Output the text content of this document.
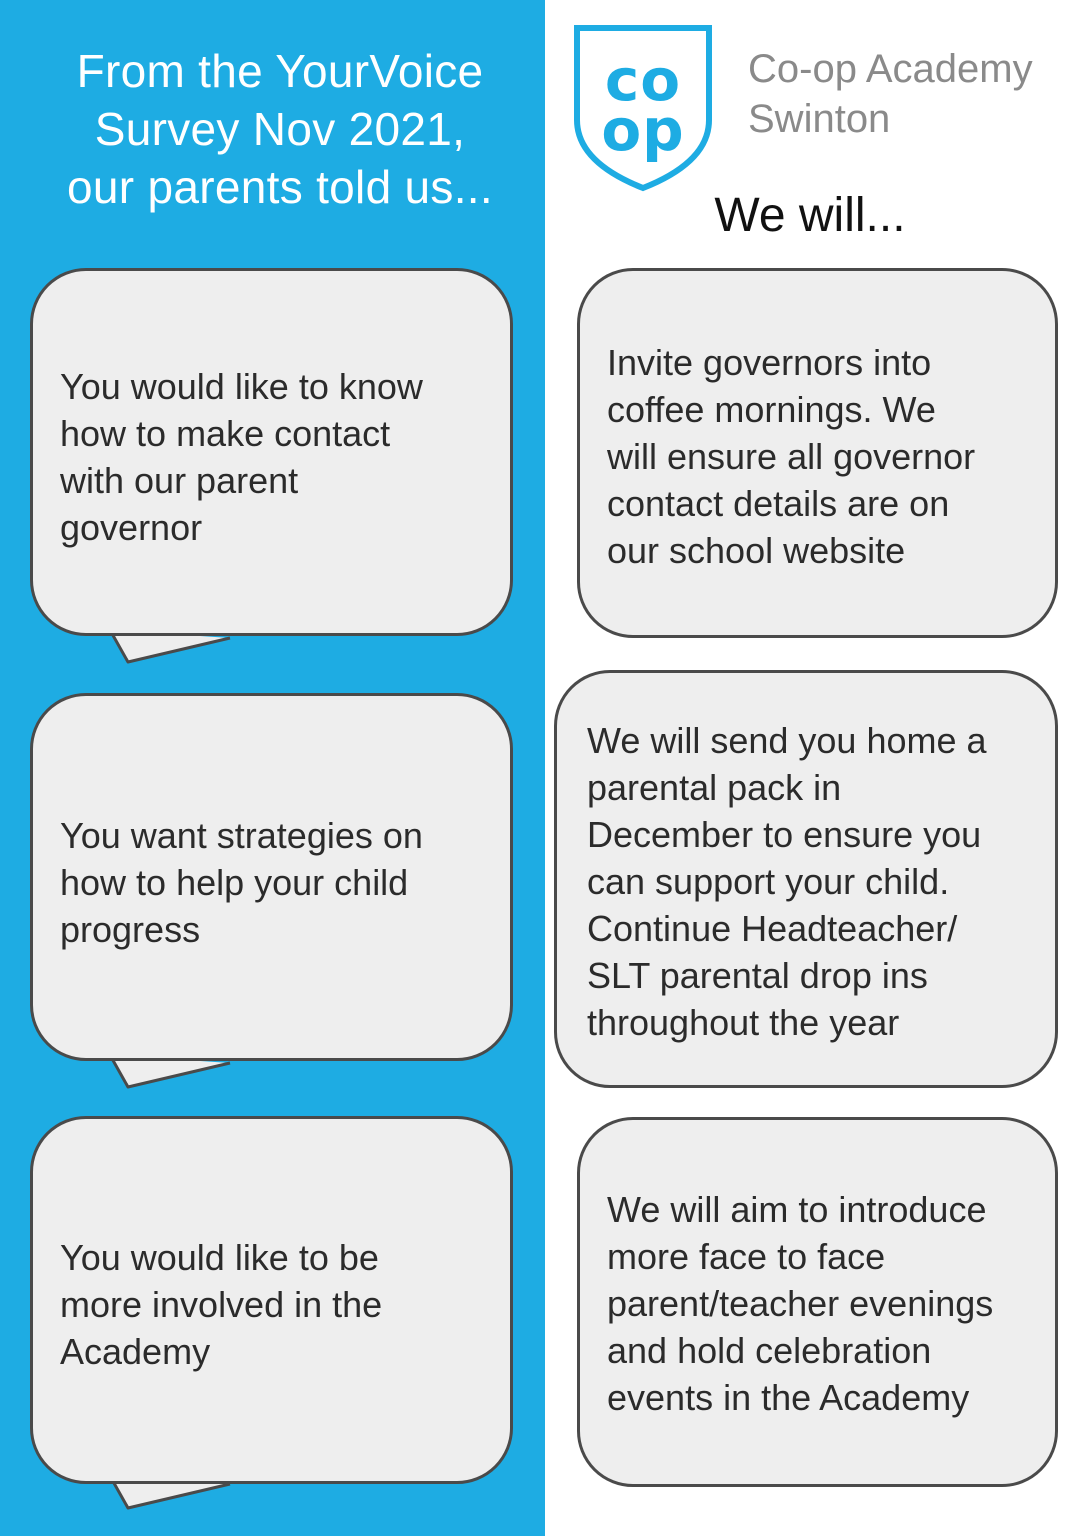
From the YourVoice
Survey Nov 2021,
our parents told us...
co
op
Co-op Academy
Swinton
We will...
You would like to know
how to make contact
with our parent
governor
You want strategies on
how to help your child
progress
You would like to be
more involved in the
Academy
Invite governors into
coffee mornings. We
will ensure all governor
contact details are on
our school website
We will send you home a
parental pack in
December to ensure you
can support your child.
Continue Headteacher/
SLT parental drop ins
throughout the year
We will aim to introduce
more face to face
parent/teacher evenings
and hold celebration
events in the Academy
